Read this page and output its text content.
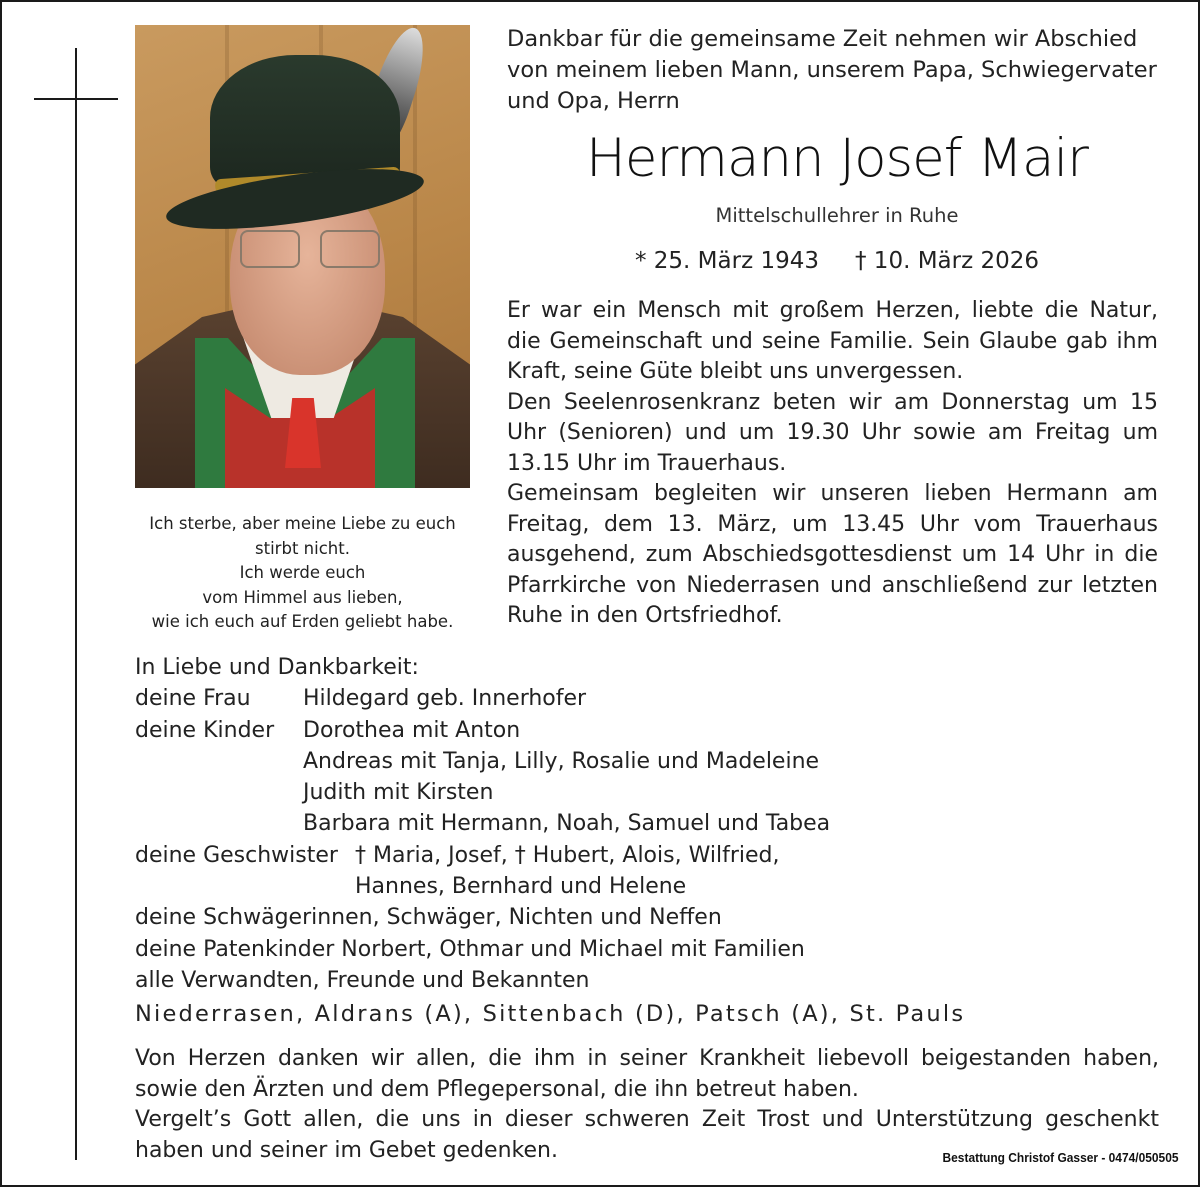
Ich sterbe, aber meine Liebe zu euch
stirbt nicht.
Ich werde euch
vom Himmel aus lieben,
wie ich euch auf Erden geliebt habe.
Dankbar für die gemeinsame Zeit nehmen wir Abschied
von meinem lieben Mann, unserem Papa, Schwiegervater
und Opa, Herrn
Hermann Josef Mair
Mittelschullehrer in Ruhe
* 25. März 1943 † 10. März 2026

Er war ein Mensch mit großem Herzen, liebte die Natur, die Gemeinschaft und seine Familie. Sein Glaube gab ihm Kraft, seine Güte bleibt uns unvergessen.

Den Seelenrosenkranz beten wir am Donnerstag um 15 Uhr (Senioren) und um 19.30 Uhr sowie am Freitag um 13.15 Uhr im Trauerhaus.

Gemeinsam begleiten wir unseren lieben Hermann am Freitag, dem 13. März, um 13.45 Uhr vom Trauerhaus ausgehend, zum Abschiedsgottesdienst um 14 Uhr in die Pfarrkirche von Niederrasen und anschließend zur letzten Ruhe in den Ortsfriedhof.

In Liebe und Dankbarkeit:
deine Frau Hildegard geb. Innerhofer
deine Kinder Dorothea mit Anton
Andreas mit Tanja, Lilly, Rosalie und Madeleine
Judith mit Kirsten
Barbara mit Hermann, Noah, Samuel und Tabea
deine Geschwister † Maria, Josef, † Hubert, Alois, Wilfried,
Hannes, Bernhard und Helene
deine Schwägerinnen, Schwäger, Nichten und Neffen
deine Patenkinder Norbert, Othmar und Michael mit Familien
alle Verwandten, Freunde und Bekannten
Niederrasen, Aldrans (A), Sittenbach (D), Patsch (A), St. Pauls

Von Herzen danken wir allen, die ihm in seiner Krankheit liebevoll beigestanden haben, sowie den Ärzten und dem Pflegepersonal, die ihn betreut haben.

Vergelt’s Gott allen, die uns in dieser schweren Zeit Trost und Unterstützung geschenkt haben und seiner im Gebet gedenken.	Bestattung Christof Gasser - 0474/050505
